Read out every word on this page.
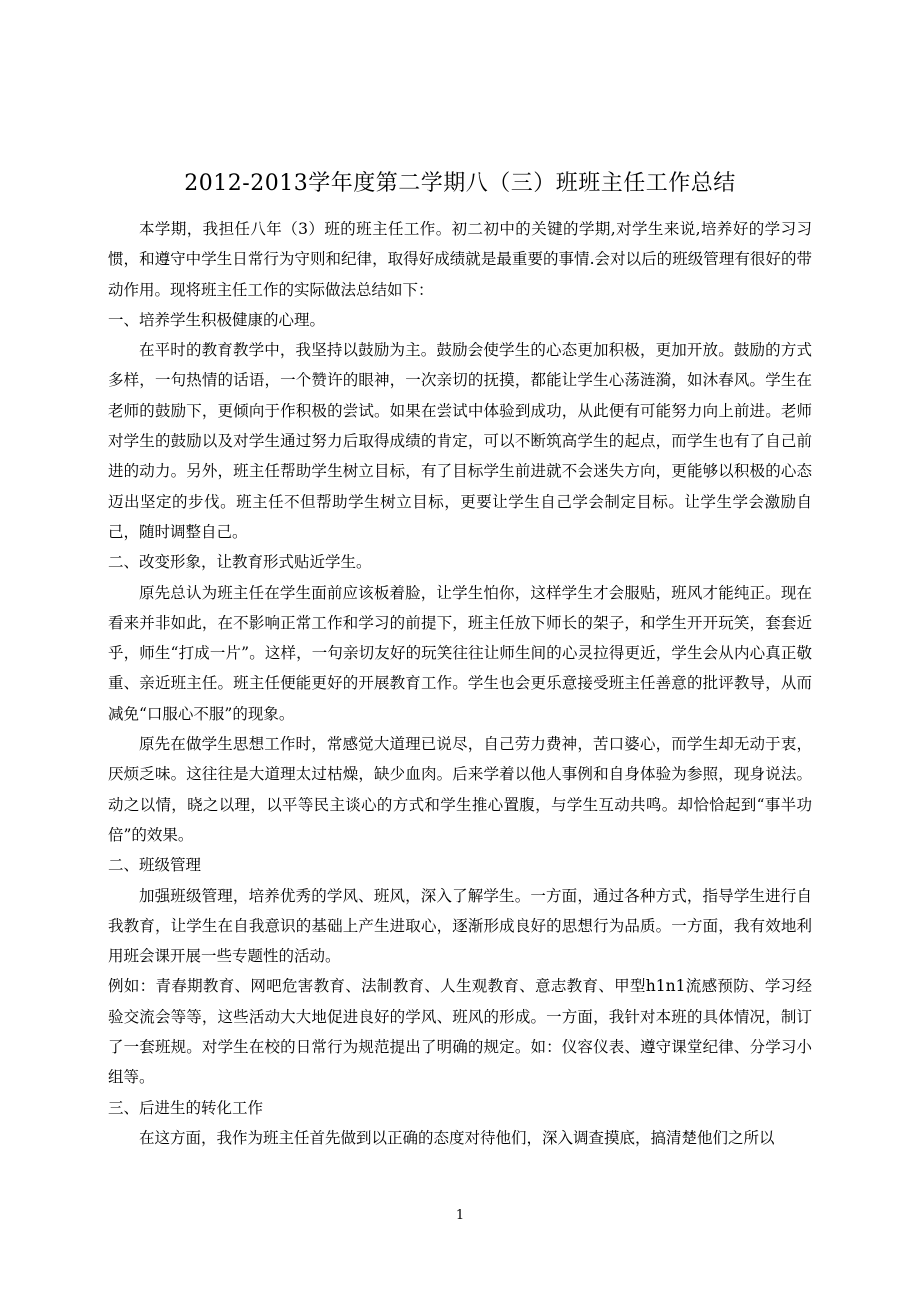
2012-2013学年度第二学期八（三）班班主任工作总结

本学期，我担任八年（3）班的班主任工作。初二初中的关键的学期,对学生来说,培养好的学习习惯，和遵守中学生日常行为守则和纪律，取得好成绩就是最重要的事情.会对以后的班级管理有很好的带动作用。现将班主任工作的实际做法总结如下：

一、培养学生积极健康的心理。

在平时的教育教学中，我坚持以鼓励为主。鼓励会使学生的心态更加积极，更加开放。鼓励的方式多样，一句热情的话语，一个赞许的眼神，一次亲切的抚摸，都能让学生心荡涟漪，如沐春风。学生在老师的鼓励下，更倾向于作积极的尝试。如果在尝试中体验到成功，从此便有可能努力向上前进。老师对学生的鼓励以及对学生通过努力后取得成绩的肯定，可以不断筑高学生的起点，而学生也有了自己前进的动力。另外，班主任帮助学生树立目标，有了目标学生前进就不会迷失方向，更能够以积极的心态迈出坚定的步伐。班主任不但帮助学生树立目标，更要让学生自己学会制定目标。让学生学会激励自己，随时调整自己。

二、改变形象，让教育形式贴近学生。

原先总认为班主任在学生面前应该板着脸，让学生怕你，这样学生才会服贴，班风才能纯正。现在看来并非如此，在不影响正常工作和学习的前提下，班主任放下师长的架子，和学生开开玩笑，套套近乎，师生“打成一片”。这样，一句亲切友好的玩笑往往让师生间的心灵拉得更近，学生会从内心真正敬重、亲近班主任。班主任便能更好的开展教育工作。学生也会更乐意接受班主任善意的批评教导，从而减免“口服心不服”的现象。

原先在做学生思想工作时，常感觉大道理已说尽，自己劳力费神，苦口婆心，而学生却无动于衷，厌烦乏味。这往往是大道理太过枯燥，缺少血肉。后来学着以他人事例和自身体验为参照，现身说法。动之以情，晓之以理，以平等民主谈心的方式和学生推心置腹，与学生互动共鸣。却恰恰起到“事半功倍”的效果。

二、班级管理

加强班级管理，培养优秀的学风、班风，深入了解学生。一方面，通过各种方式，指导学生进行自我教育，让学生在自我意识的基础上产生进取心，逐渐形成良好的思想行为品质。一方面，我有效地利用班会课开展一些专题性的活动。

例如：青春期教育、网吧危害教育、法制教育、人生观教育、意志教育、甲型h1n1流感预防、学习经验交流会等等，这些活动大大地促进良好的学风、班风的形成。一方面，我针对本班的具体情况，制订了一套班规。对学生在校的日常行为规范提出了明确的规定。如：仪容仪表、遵守课堂纪律、分学习小组等。

三、后进生的转化工作

在这方面，我作为班主任首先做到以正确的态度对待他们，深入调查摸底，搞清楚他们之所以

1
